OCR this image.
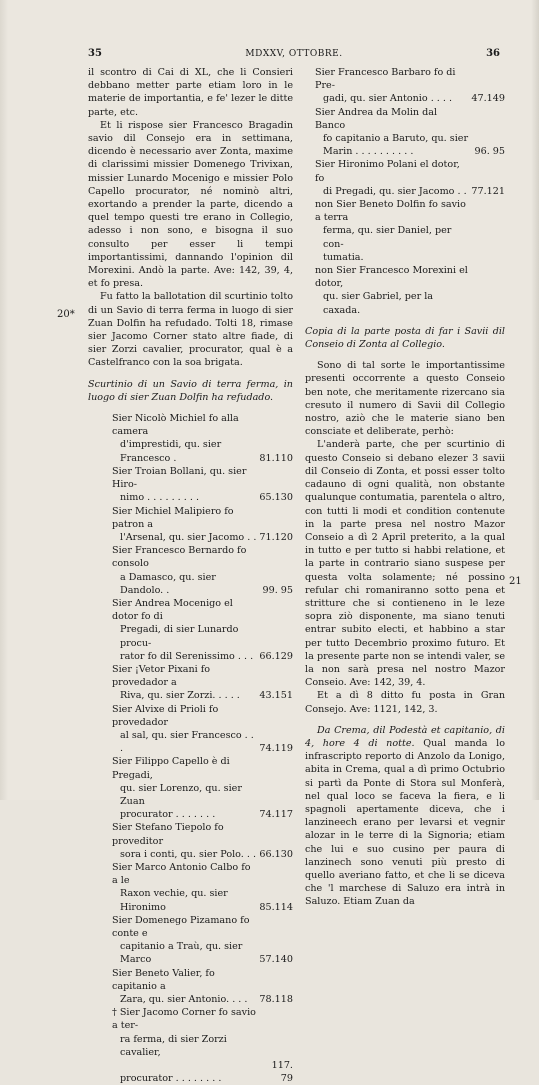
35	MDXXV, OTTOBRE.	36
20*
21

il scontro di Cai di XL, che li Consieri debbano metter parte etiam loro in le materie de importantia, e fe' lezer le ditte parte, etc.

Et li rispose sier Francesco Bragadin savio dil Consejo era in settimana, dicendo è necessario aver Zonta, maxime di clarissimi missier Domenego Trivixan, missier Lunardo Mocenigo e missier Polo Capello procurator, né nominò altri, exortando a prender la parte, dicendo a quel tempo questi tre erano in Collegio, adesso i non sono, e bisogna il suo consulto per esser li tempi importantissimi, dannando l'opinion dil Morexini. Andò la parte. Ave: 142, 39, 4, et fo presa.

Fu fatto la ballotation dil scurtinio tolto di un Savio di terra ferma in luogo di sier Zuan Dolfin ha refudado. Tolti 18, rimase sier Jacomo Corner stato altre fiade, di sier Zorzi cavalier, procurator, qual è a Castelfranco con la soa brigata.

Scurtinio di un Savio di terra ferma, in luogo di sier Zuan Dolfin ha refudado.

Sier Nicolò Michiel fo alla camera
d'imprestidi, qu. sier Francesco .	81.110
Sier Troian Bollani, qu. sier Hiro-
nimo . . . . . . . . .	65.130
Sier Michiel Malipiero fo patron a
l'Arsenal, qu. sier Jacomo . . 71.120
Sier Francesco Bernardo fo consolo
a Damasco, qu. sier Dandolo. .	99. 95
Sier Andrea Mocenigo el dotor fo di
Pregadi, di sier Lunardo procu-
rator fo dil Serenissimo . . . 66.129
Sier ¡Vetor Pixani fo provedador a
Riva, qu. sier Zorzi. . . . .	43.151
Sier Alvixe di Prioli fo provedador
al sal, qu. sier Francesco . . .	74.119
Sier Filippo Capello è di Pregadi,
qu. sier Lorenzo, qu. sier Zuan
procurator . . . . . . .	74.117
Sier Stefano Tiepolo fo proveditor
sora i conti, qu. sier Polo. . . 66.130
Sier Marco Antonio Calbo fo a le
Raxon vechie, qu. sier Hironimo	85.114
Sier Domenego Pizamano fo conte e
capitanio a Traù, qu. sier Marco	57.140
Sier Beneto Valier, fo capitanio a
Zara, qu. sier Antonio. . . .	78.118
† Sier Jacomo Corner fo savio a ter-
ra ferma, di sier Zorzi cavalier,
procurator . . . . . . . .
117. 79
Sier Francesco Barbaro fo di Pre-
gadi, qu. sier Antonio . . . .	47.149
Sier Andrea da Molin dal Banco
fo capitanio a Baruto, qu. sier
Marin . . . . . . . . . .	96. 95
Sier Hironimo Polani el dotor, fo
di Pregadi, qu. sier Jacomo . . 77.121
non Sier Beneto Dolfin fo savio a terra
ferma, qu. sier Daniel, per con-
tumatia.
non Sier Francesco Morexini el dotor,
qu. sier Gabriel, per la caxada.

Copia di la parte posta di far i Savii dil Conseio di Zonta al Collegio.

Sono di tal sorte le importantissime presenti occorrente a questo Conseio ben note, che meritamente rizercano sia cresuto il numero di Savii dil Collegio nostro, aziò che le materie siano ben consciate et deliberate, perhò:

L'anderà parte, che per scurtinio di questo Conseio si debano elezer 3 savii dil Conseio di Zonta, et possi esser tolto cadauno di ogni qualità, non obstante qualunque contumatia, parentela o altro, con tutti li modi et condition contenute in la parte presa nel nostro Mazor Conseio a dì 2 April preterito, a la qual in tutto e per tutto si habbi relatione, et la parte in contrario siano suspese per questa volta solamente; né possino refular chi romaniranno sotto pena et stritture che si contieneno in le leze sopra ziò disponente, ma siano tenuti entrar subito electi, et habbino a star per tutto Decembrio proximo futuro. Et la presente parte non se intendi valer, se la non sarà presa nel nostro Mazor Conseio. Ave: 142, 39, 4.

Et a dì 8 ditto fu posta in Gran Consejo. Ave: 1121, 142, 3.

Da Crema, dil Podestà et capitanio, di 4, hore 4 di notte. Qual manda lo infrascripto reporto di Anzolo da Lonigo, abita in Crema, qual a dì primo Octubrio si partì da Ponte di Stora sul Monferà, nel qual loco se faceva la fiera, e li spagnoli apertamente diceva, che i lanzineech erano per levarsi et vegnir alozar in le terre di la Signoria; etiam che lui e suo cusino per paura di lanzinech sono venuti più presto di quello averiano fatto, et che li se diceva che 'l marchese di Saluzo era intrà in Saluzo. Etiam Zuan da
